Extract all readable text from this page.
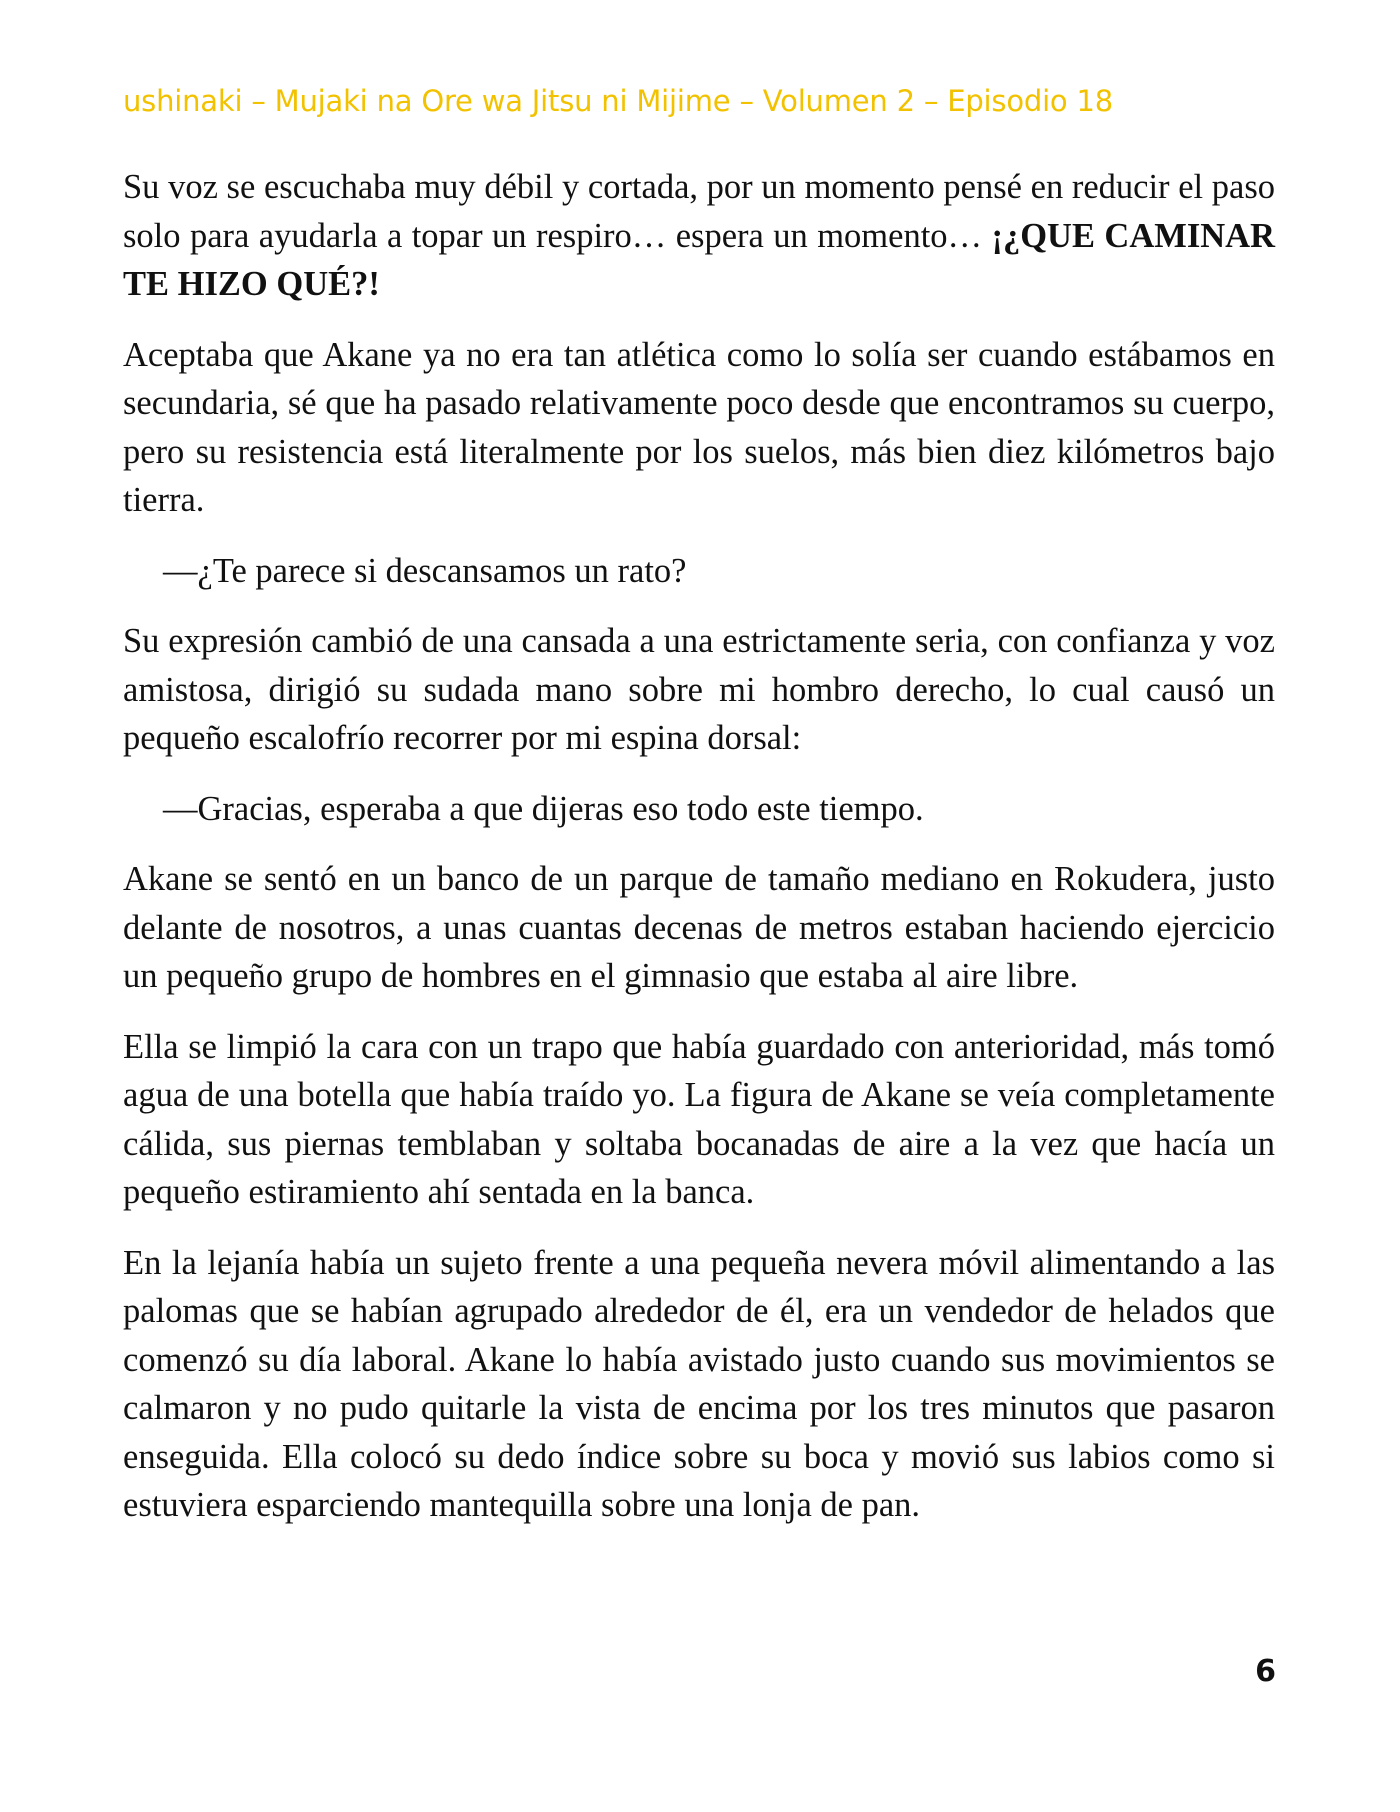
ushinaki – Mujaki na Ore wa Jitsu ni Mijime – Volumen 2 – Episodio 18

Su voz se escuchaba muy débil y cortada, por un momento pensé en reducir el paso solo para ayudarla a topar un respiro… espera un momento… ¡¿QUE CAMINAR TE HIZO QUÉ?!

Aceptaba que Akane ya no era tan atlética como lo solía ser cuando estábamos en secundaria, sé que ha pasado relativamente poco desde que encontramos su cuerpo, pero su resistencia está literalmente por los suelos, más bien diez kilómetros bajo tierra.

—¿Te parece si descansamos un rato?

Su expresión cambió de una cansada a una estrictamente seria, con confianza y voz amistosa, dirigió su sudada mano sobre mi hombro derecho, lo cual causó un pequeño escalofrío recorrer por mi espina dorsal:

—Gracias, esperaba a que dijeras eso todo este tiempo.

Akane se sentó en un banco de un parque de tamaño mediano en Rokudera, justo delante de nosotros, a unas cuantas decenas de metros estaban haciendo ejercicio un pequeño grupo de hombres en el gimnasio que estaba al aire libre.

Ella se limpió la cara con un trapo que había guardado con anterioridad, más tomó agua de una botella que había traído yo. La figura de Akane se veía completamente cálida, sus piernas temblaban y soltaba bocanadas de aire a la vez que hacía un pequeño estiramiento ahí sentada en la banca.

En la lejanía había un sujeto frente a una pequeña nevera móvil alimentando a las palomas que se habían agrupado alrededor de él, era un vendedor de helados que comenzó su día laboral. Akane lo había avistado justo cuando sus movimientos se calmaron y no pudo quitarle la vista de encima por los tres minutos que pasaron enseguida. Ella colocó su dedo índice sobre su boca y movió sus labios como si estuviera esparciendo mantequilla sobre una lonja de pan.

6
